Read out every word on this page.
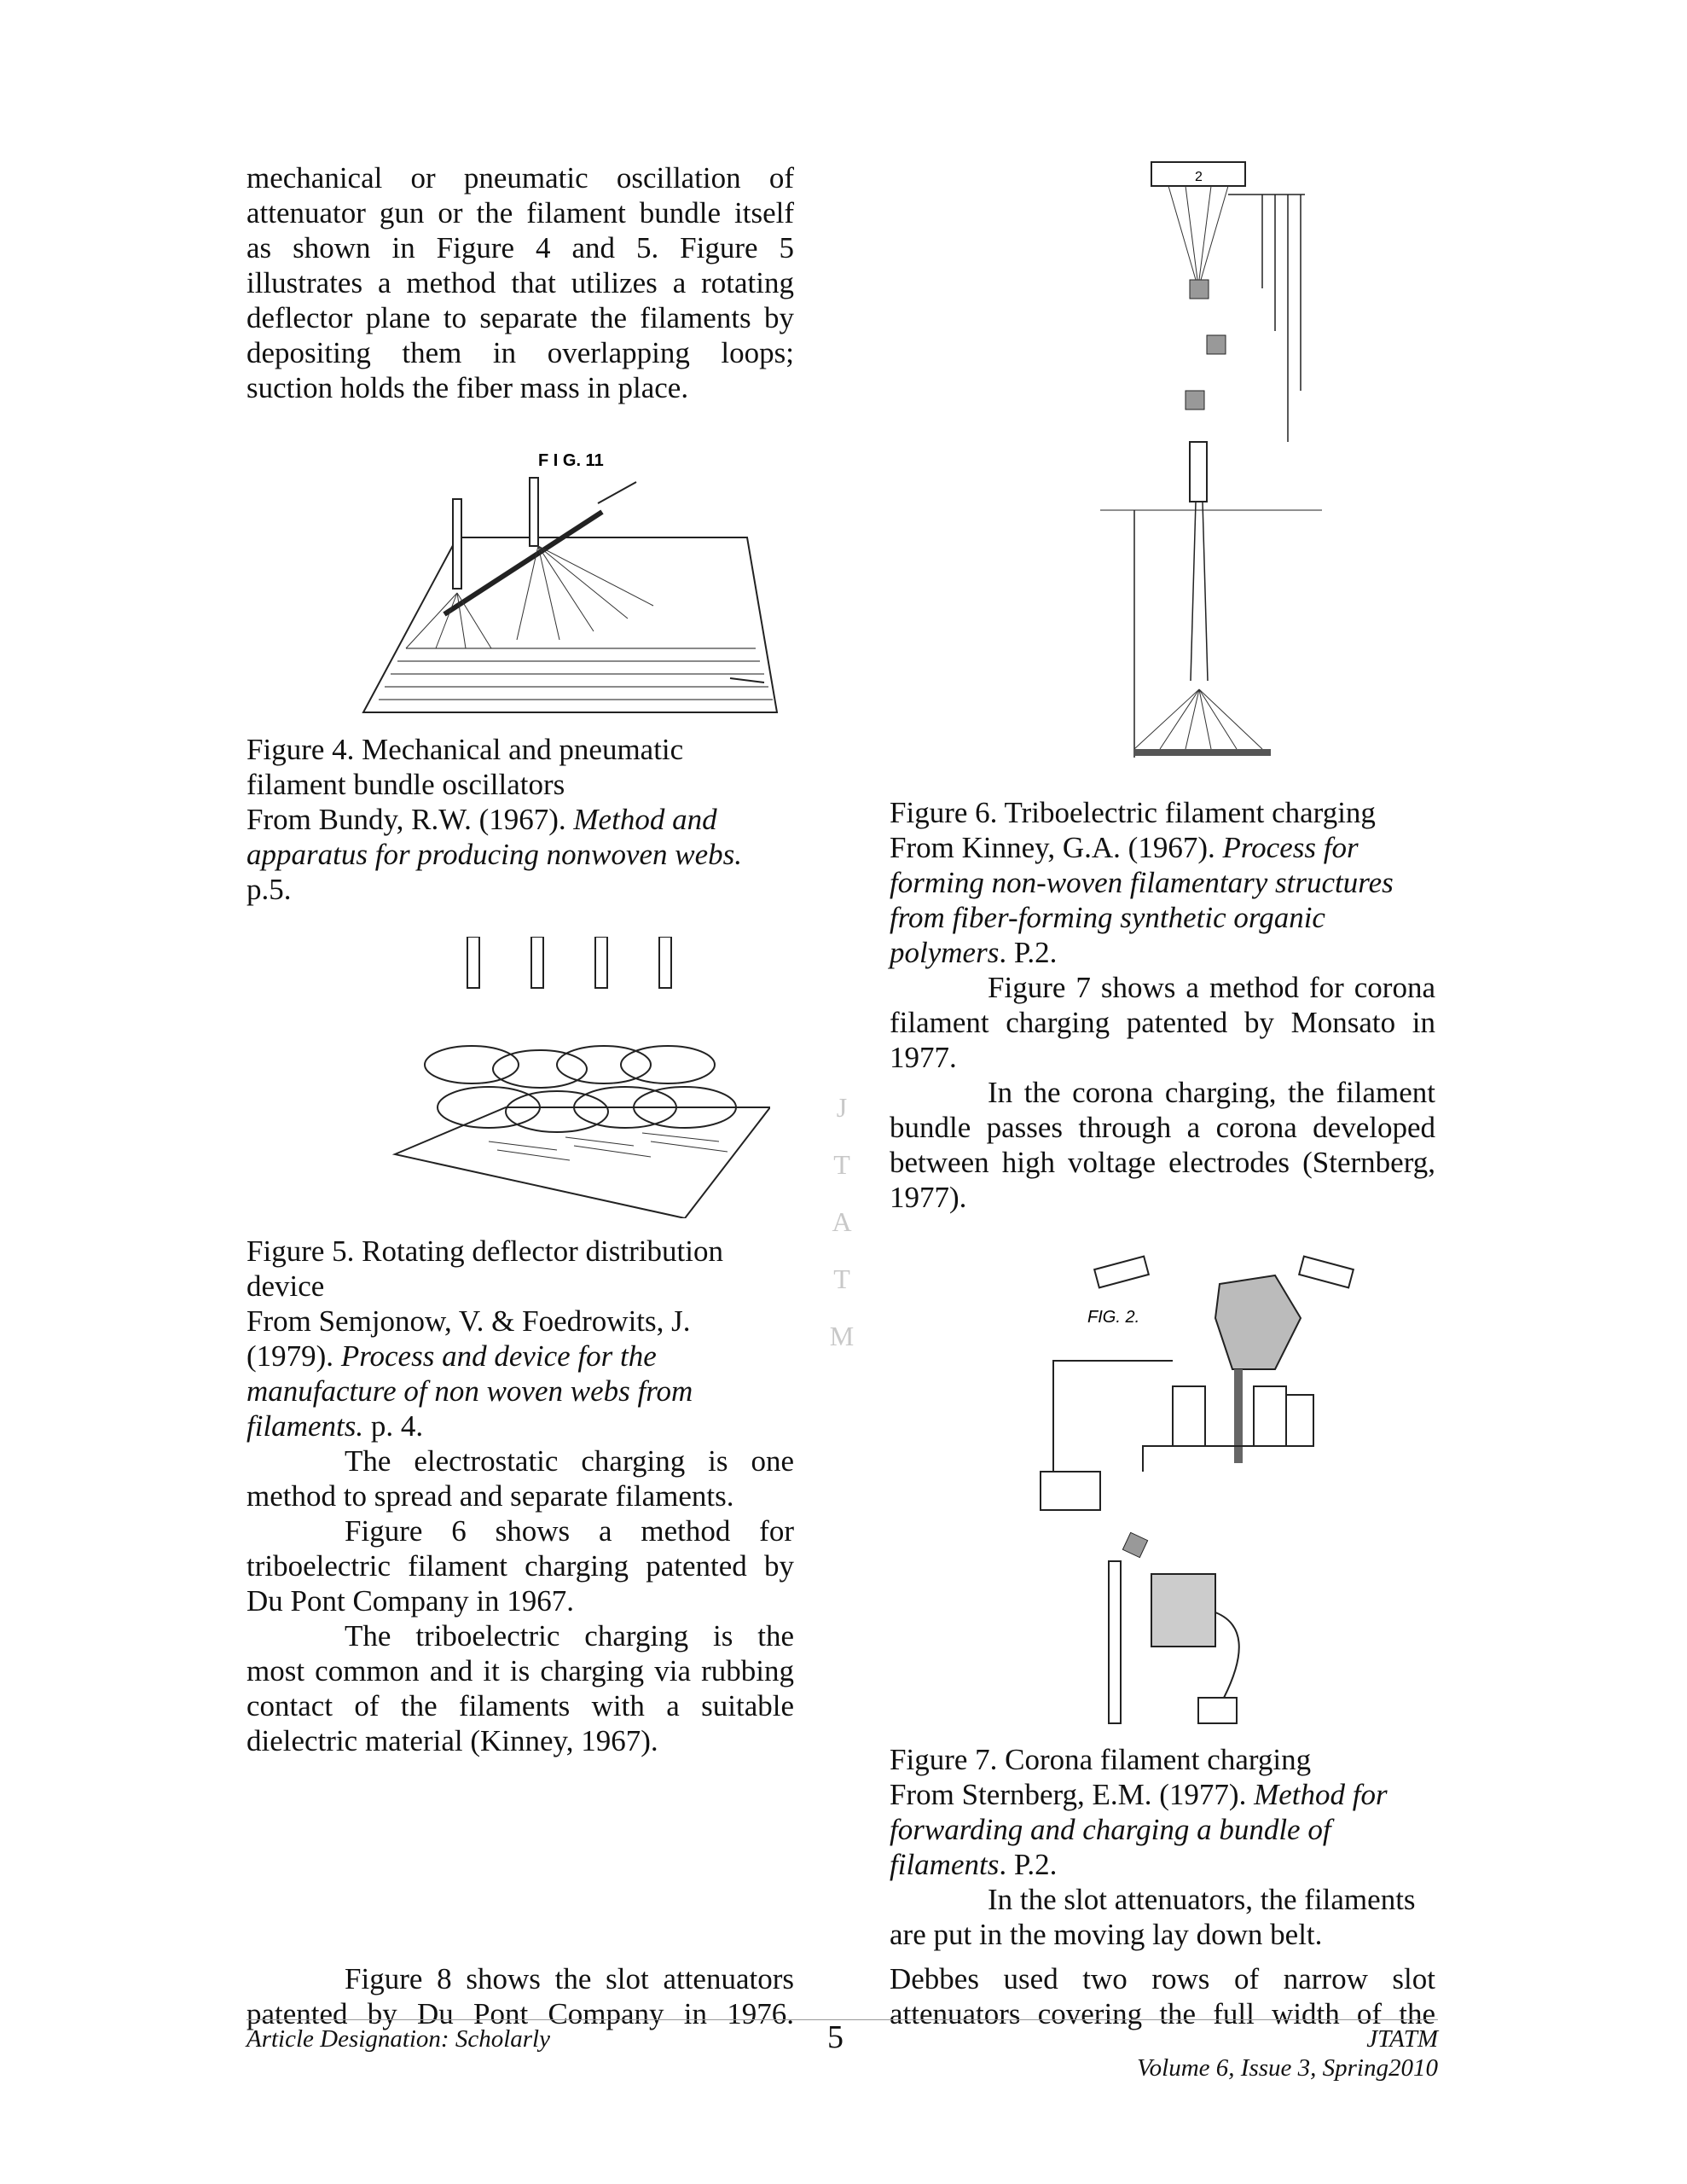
mechanical or pneumatic oscillation of
attenuator gun or the filament bundle itself
as shown in Figure 4 and 5. Figure 5
illustrates a method that utilizes a rotating
deflector plane to separate the filaments by
depositing them in overlapping loops;
suction holds the fiber mass in place.
F I G. 11
Figure 4. Mechanical and pneumatic
filament bundle oscillators
From Bundy, R.W. (1967). Method and
apparatus for producing nonwoven webs.
p.5.
Figure 5. Rotating deflector distribution
device
From Semjonow, V. & Foedrowits, J.
(1979). Process and device for the
manufacture of non woven webs from
filaments. p. 4.
The electrostatic charging is one
method to spread and separate filaments.
Figure 6 shows a method for
triboelectric filament charging patented by
Du Pont Company in 1967.
The triboelectric charging is the
most common and it is charging via rubbing
contact of the filaments with a suitable
dielectric material (Kinney, 1967).
Figure 8 shows the slot attenuators
patented by Du Pont Company in 1976.
J
T
A
T
M
2
Figure 6. Triboelectric filament charging
From Kinney, G.A. (1967). Process for
forming non-woven filamentary structures
from fiber-forming synthetic organic
polymers. P.2.
Figure 7 shows a method for corona
filament charging patented by Monsato in
1977.
In the corona charging, the filament
bundle passes through a corona developed
between high voltage electrodes (Sternberg,
1977).
FIG. 2.
Figure 7. Corona filament charging
From Sternberg, E.M. (1977). Method for
forwarding and charging a bundle of
filaments. P.2.
In the slot attenuators, the filaments
are put in the moving lay down belt.
Debbes used two rows of narrow slot
attenuators covering the full width of the
Article Designation: Scholarly	5	JTATM
Volume 6, Issue 3, Spring2010
